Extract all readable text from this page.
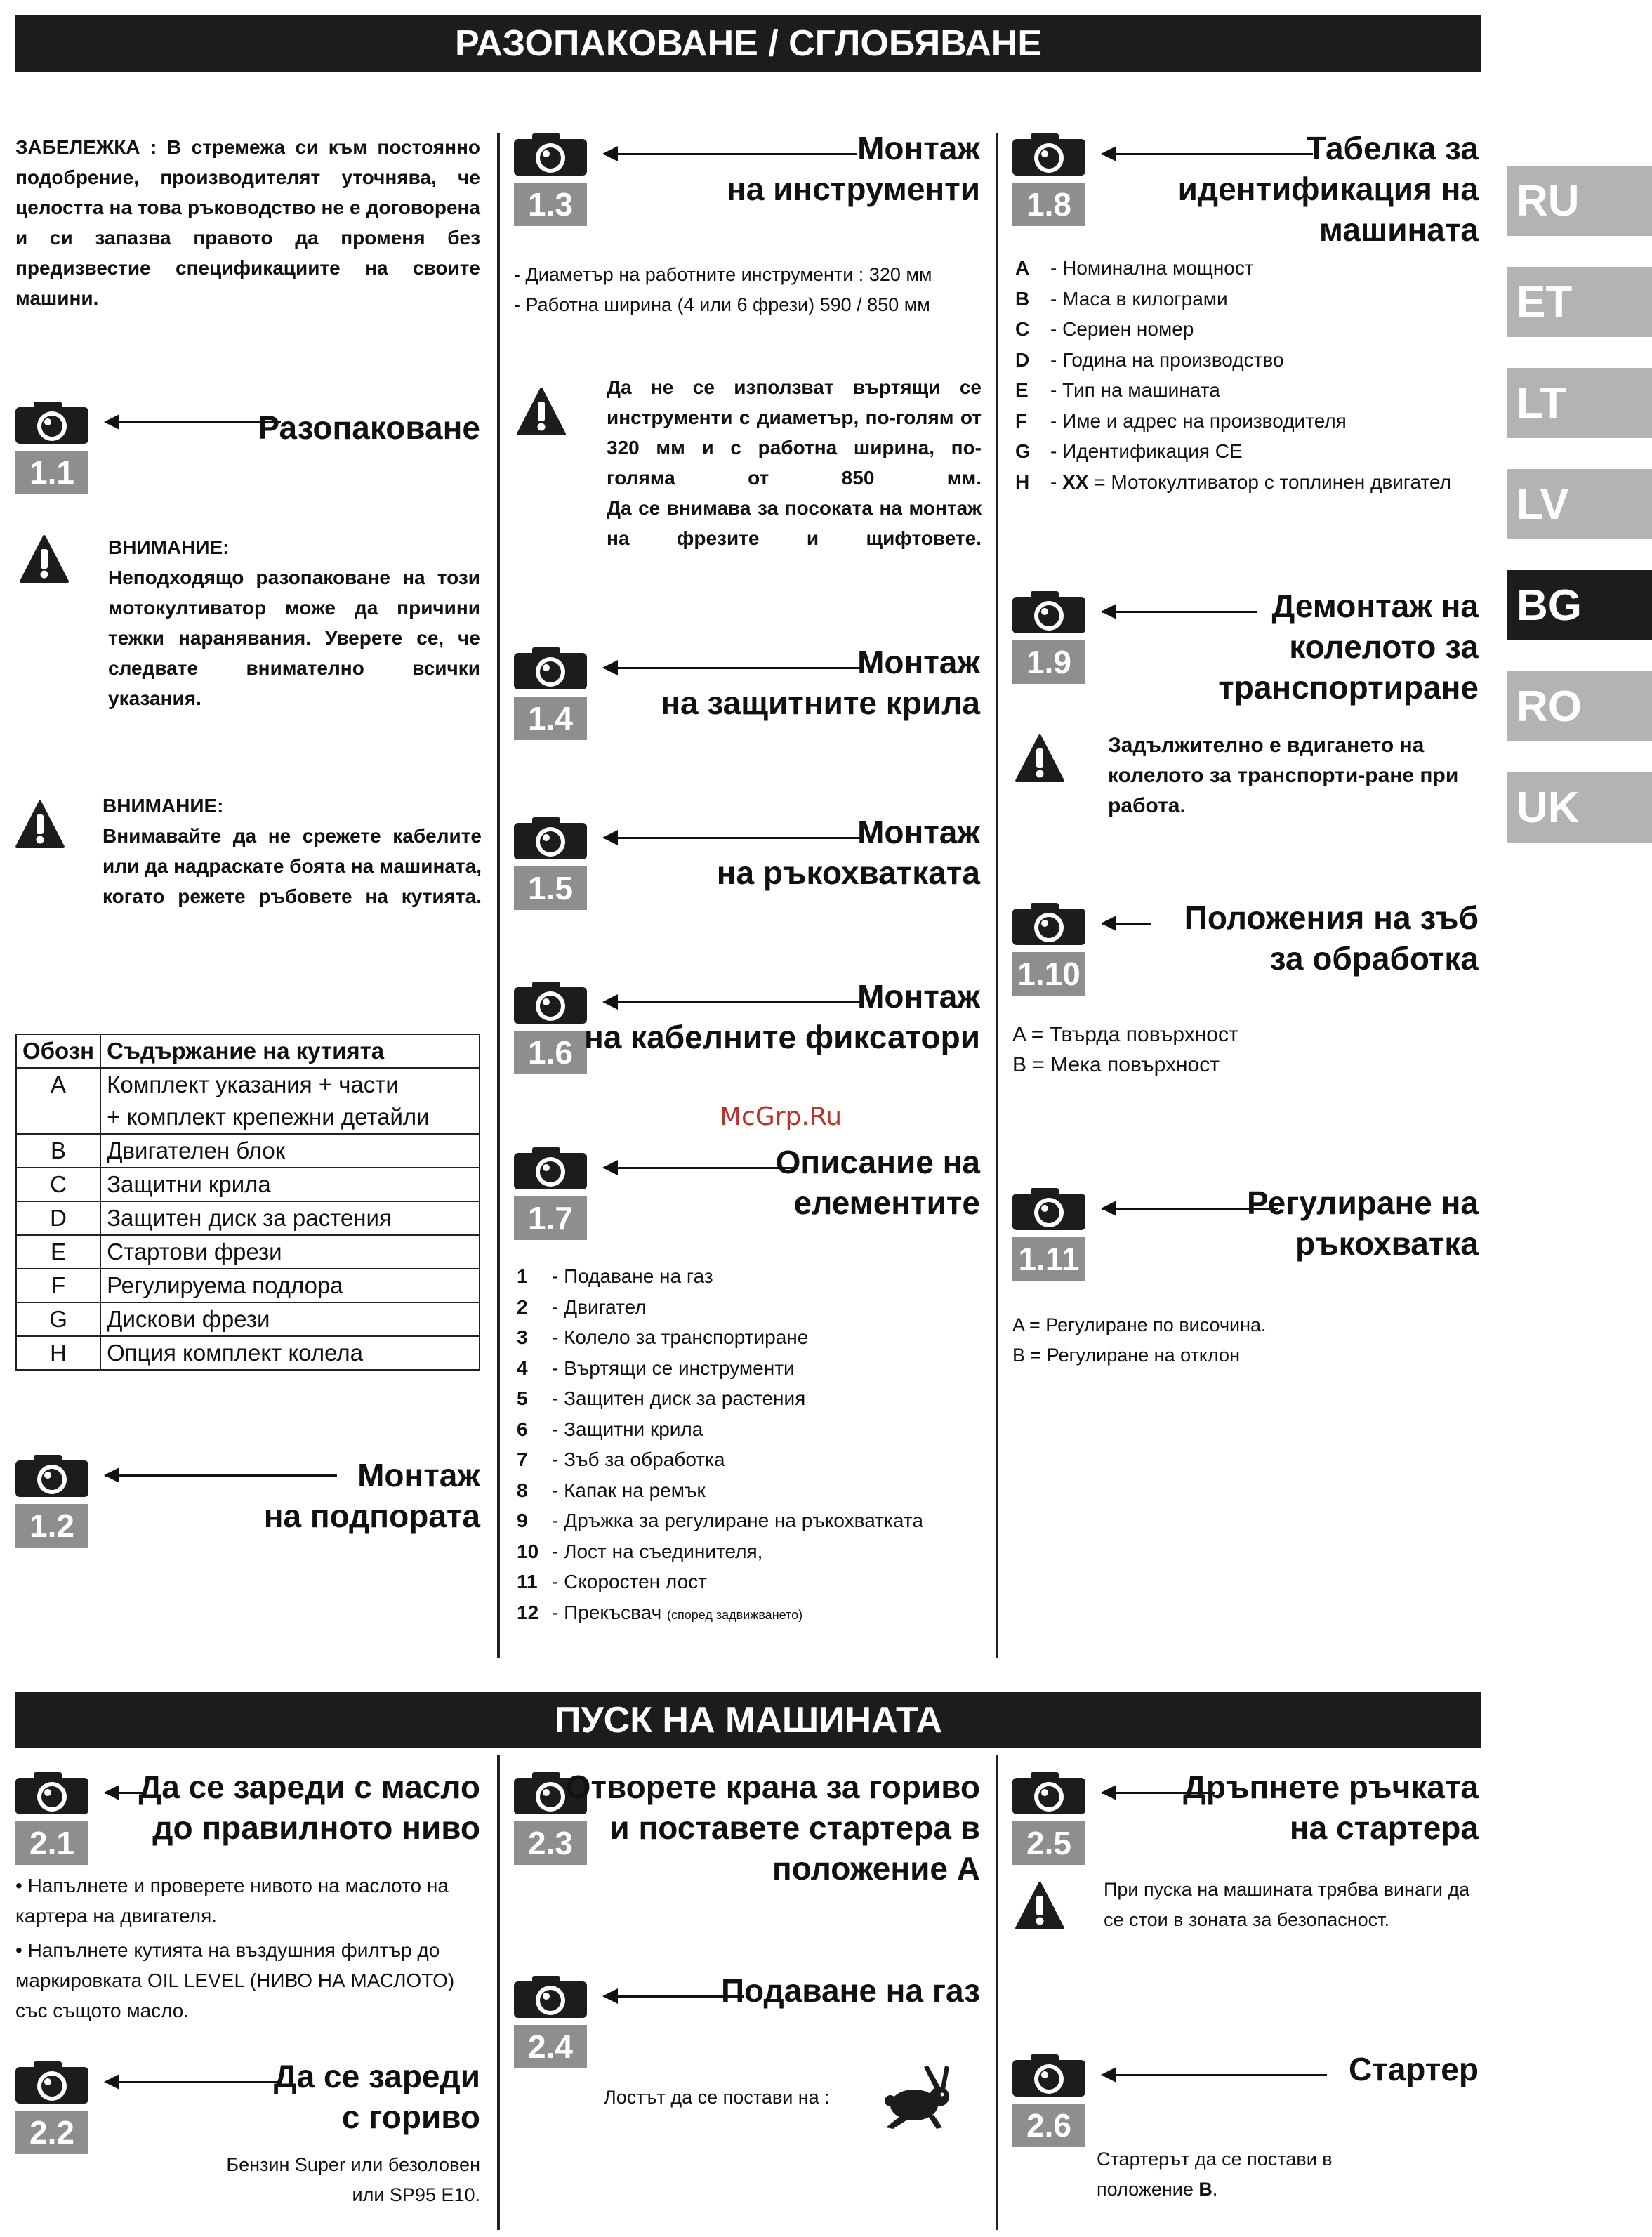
РАЗОПАКОВАНЕ / СГЛОБЯВАНЕ
RU
ET
LT
LV
BG
RO
UK
ЗАБЕЛЕЖКА : В стремежа си към постоянно подобрение, производителят уточнява, че целостта на това ръководство не е договорена и си запазва правото да променя без предизвестие спецификациите на своите машини.
1.1
Разопаковане
ВНИМАНИЕ:
Неподходящо разопаковане на този мотокултиватор може да причини тежки наранявания. Уверете се, че следвате внимателно всички указания.
ВНИМАНИЕ:
Внимавайте да не срежете кабелите или да надраскате боята на машината, когато режете ръбовете на кутията.
Обозн	Съдържание на кутията
A	Комплект указания + части
	+ комплект крепежни детайли
B	Двигателен блок
C	Защитни крила
D	Защитен диск за растения
E	Стартови фрези
F	Регулируема подлора
G	Дискови фрези
H	Опция комплект колела
1.2
Монтаж
на подпората
1.3
Монтаж
на инструменти
- Диаметър на работните инструменти : 320 мм
- Работна ширина (4 или 6 фрези) 590 / 850 мм
Да не се използват въртящи се инструменти с диаметър, по-голям от 320 мм и с работна ширина, по-голяма от 850 мм.
Да се внимава за посоката на монтаж на фрезите и щифтовете.
1.4
Монтаж
на защитните крила
1.5
Монтаж
на ръкохватката
1.6
Монтаж
на кабелните фиксатори
1.7
Описание на
елементите
1 - Подаване на газ
2 - Двигател
3 - Колело за транспортиране
4 - Въртящи се инструменти
5 - Защитен диск за растения
6 - Защитни крила
7 - Зъб за обработка
8 - Капак на ремък
9 - Дръжка за регулиране на ръкохватката
10 - Лост на съединителя,
11 - Скоростен лост
12 - Прекъсвач (според задвижването)
McGrp.Ru
1.8
Табелка за
идентификация на
машината
A - Номинална мощност
B - Маса в килограми
C - Сериен номер
D - Година на производство
E - Тип на машината
F - Име и адрес на производителя
G - Идентификация CE
H - XX = Мотокултиватор с топлинен двигател
1.9
Демонтаж на
колелото за
транспортиране
Задължително е вдигането на колелото за транспорти-ране при работа.
1.10
Положения на зъб
за обработка
A = Твърда повърхност
B = Мека повърхност
1.11
Регулиране на
ръкохватка
A = Регулиране по височина.
B = Регулиране на отклон
ПУСК НА МАШИНАТА
2.1
Да се зареди с масло
до правилното ниво
• Напълнете и проверете нивото на маслото на картера на двигателя.
• Напълнете кутията на въздушния филтър до маркировката OIL LEVEL (НИВО НА МАСЛОТО) със същото масло.
2.2
Да се зареди
с гориво
Бензин Super или безоловен
или SP95 E10.
2.3
Отворете крана за гориво
и поставете стартера в
положение A
2.4
Подаване на газ
Лостът да се постави на :
2.5
Дръпнете ръчката
на стартера
При пуска на машината трябва винаги да се стои в зоната за безопасност.
2.6
Стартер
Стартерът да се постави в
положение B.
